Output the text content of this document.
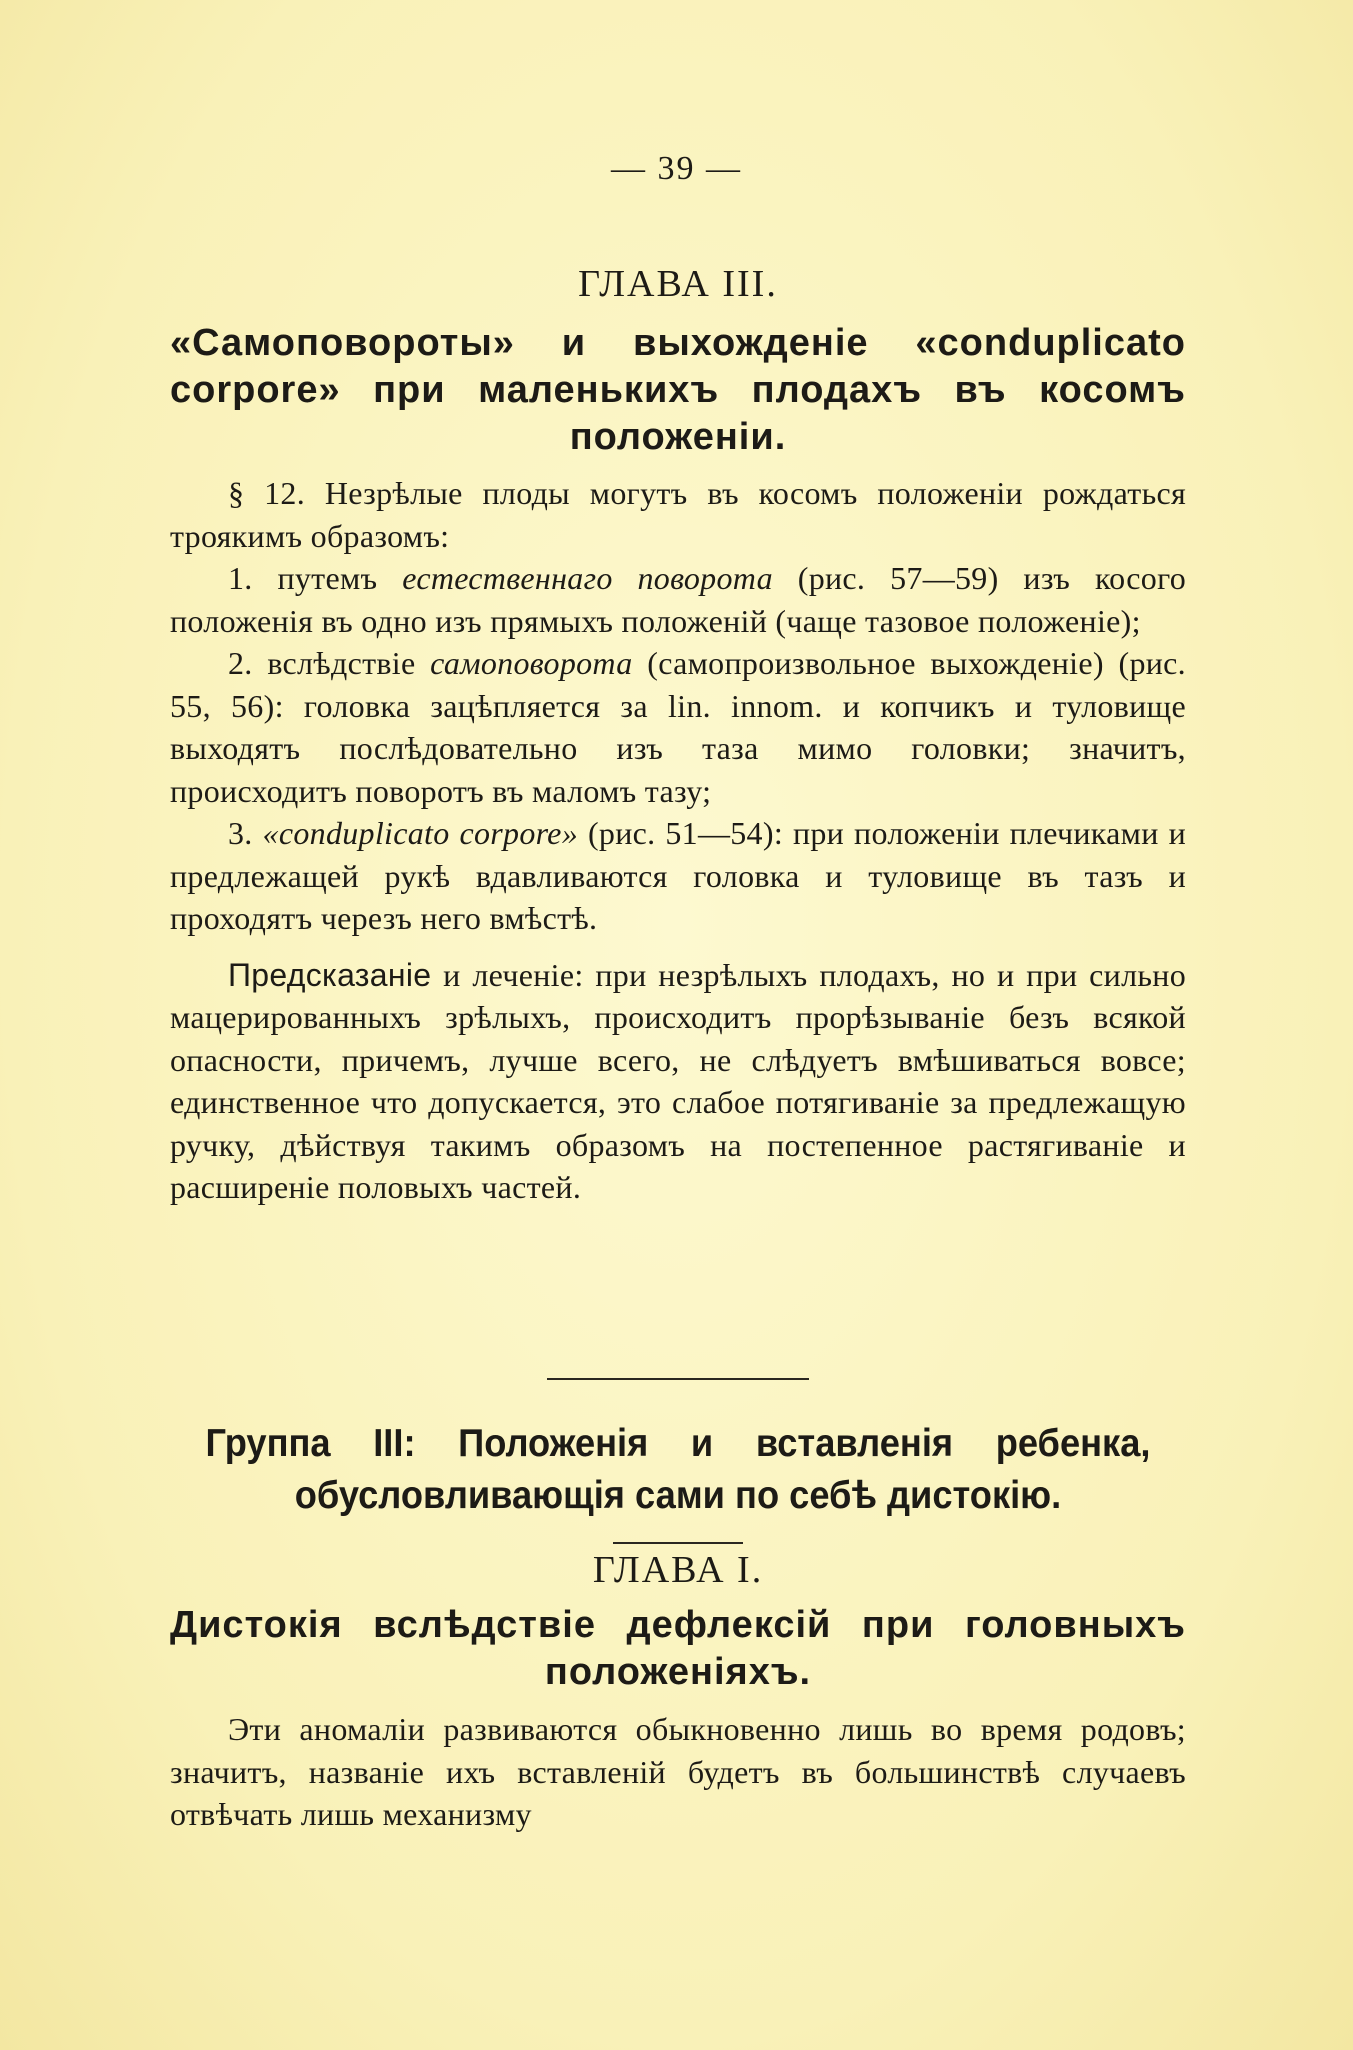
— 39 —

ГЛАВА III.

«Самоповороты» и выхожденіе «conduplicato corpore» при маленькихъ плодахъ въ косомъ положеніи.

§ 12. Незрѣлые плоды могутъ въ косомъ положеніи рождаться троякимъ образомъ:

1. путемъ естественнаго поворота (рис. 57—59) изъ косого положенія въ одно изъ прямыхъ положеній (чаще тазовое положеніе);

2. вслѣдствіе самоповорота (самопроизвольное выхожденіе) (рис. 55, 56): головка зацѣпляется за lin. innom. и копчикъ и туловище выходятъ послѣдовательно изъ таза мимо головки; значитъ, происходитъ поворотъ въ маломъ тазу;

3. «conduplicato corpore» (рис. 51—54): при положеніи плечиками и предлежащей рукѣ вдавливаются головка и туловище въ тазъ и проходятъ черезъ него вмѣстѣ.

Предсказаніе и леченіе: при незрѣлыхъ плодахъ, но и при сильно мацерированныхъ зрѣлыхъ, происходитъ прорѣзываніе безъ всякой опасности, причемъ, лучше всего, не слѣдуетъ вмѣшиваться вовсе; единственное что допускается, это слабое потягиваніе за предлежащую ручку, дѣйствуя такимъ образомъ на постепенное растягиваніе и расширеніе половыхъ частей.

Группа III: Положенія и вставленія ребенка, обусловливающія сами по себѣ дистокію.

ГЛАВА I.

Дистокія вслѣдствіе дефлексій при головныхъ положеніяхъ.

Эти аномаліи развиваются обыкновенно лишь во время родовъ; значитъ, названіе ихъ вставленій будетъ въ большинствѣ случаевъ отвѣчать лишь механизму
